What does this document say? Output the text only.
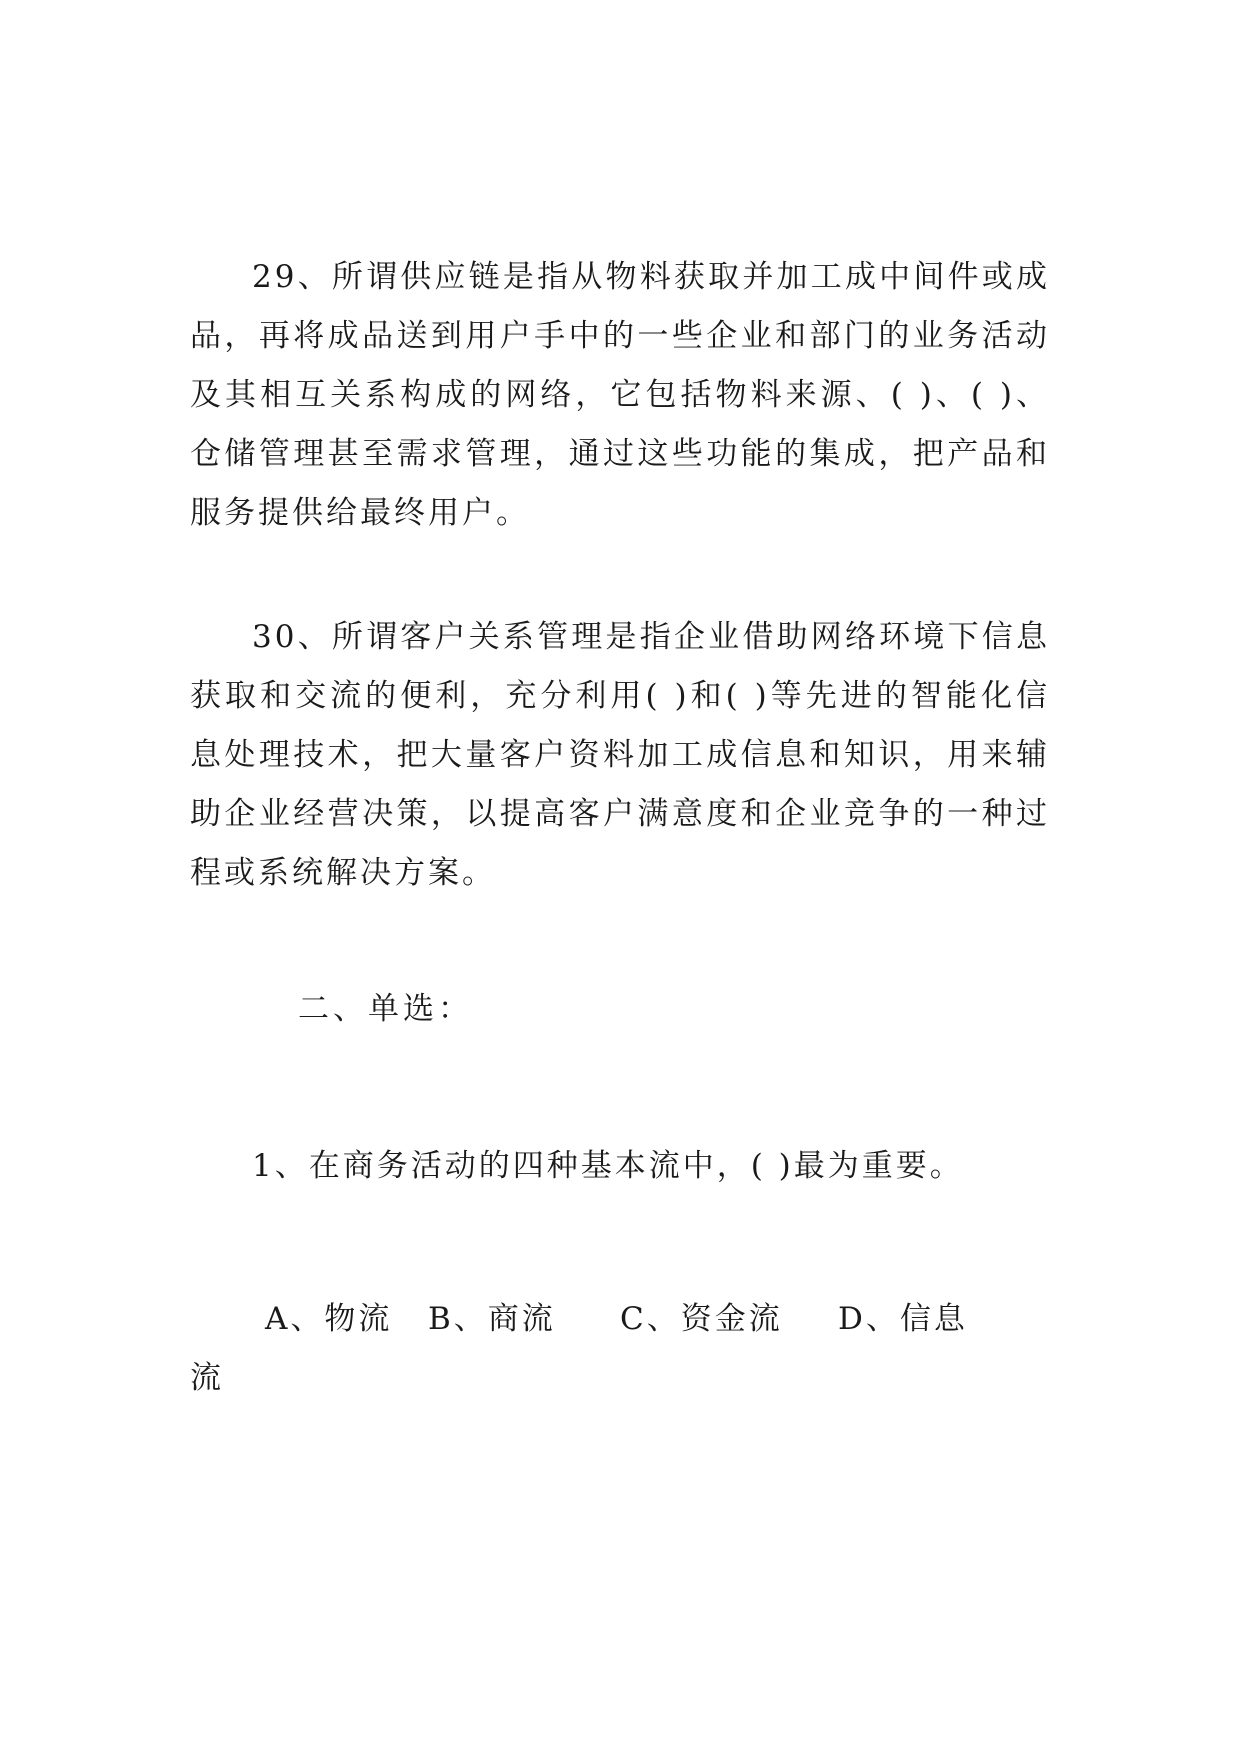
29、所谓供应链是指从物料获取并加工成中间件或成品，再将成品送到用户手中的一些企业和部门的业务活动及其相互关系构成的网络，它包括物料来源、( )、( )、仓储管理甚至需求管理，通过这些功能的集成，把产品和服务提供给最终用户。

30、所谓客户关系管理是指企业借助网络环境下信息获取和交流的便利，充分利用( )和( )等先进的智能化信息处理技术，把大量客户资料加工成信息和知识，用来辅助企业经营决策，以提高客户满意度和企业竞争的一种过程或系统解决方案。

二、单选：

1、在商务活动的四种基本流中，( )最为重要。

A、物流 B、商流 C、资金流 D、信息
流
